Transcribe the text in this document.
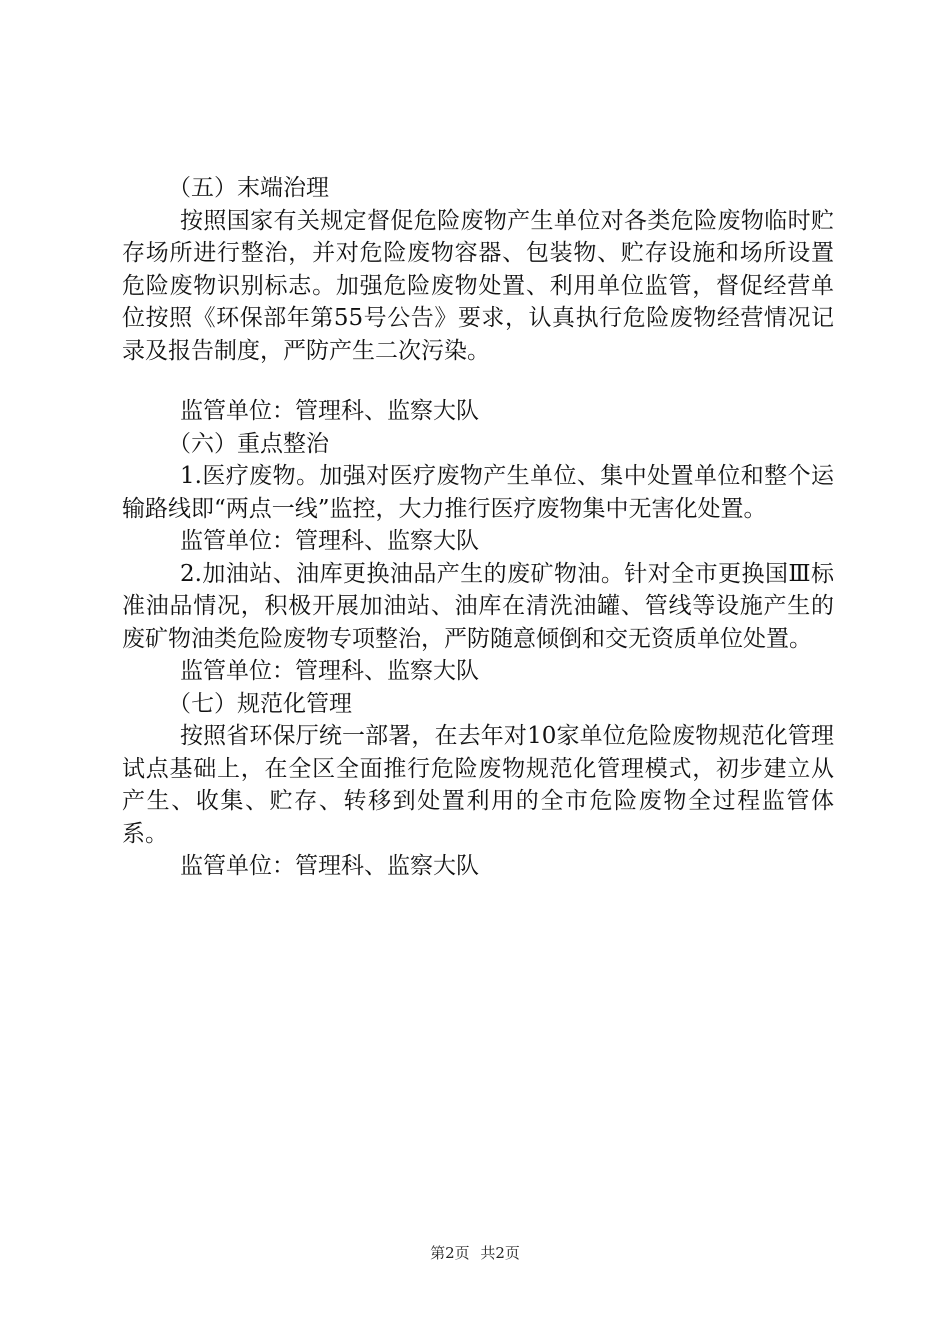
（五）末端治理

按照国家有关规定督促危险废物产生单位对各类危险废物临时贮存场所进行整治，并对危险废物容器、包装物、贮存设施和场所设置危险废物识别标志。加强危险废物处置、利用单位监管，督促经营单位按照《环保部年第55号公告》要求，认真执行危险废物经营情况记录及报告制度，严防产生二次污染。

监管单位：管理科、监察大队

（六）重点整治

1.医疗废物。加强对医疗废物产生单位、集中处置单位和整个运输路线即“两点一线”监控，大力推行医疗废物集中无害化处置。

监管单位：管理科、监察大队

2.加油站、油库更换油品产生的废矿物油。针对全市更换国Ⅲ标准油品情况，积极开展加油站、油库在清洗油罐、管线等设施产生的废矿物油类危险废物专项整治，严防随意倾倒和交无资质单位处置。

监管单位：管理科、监察大队

（七）规范化管理

按照省环保厅统一部署，在去年对10家单位危险废物规范化管理试点基础上，在全区全面推行危险废物规范化管理模式，初步建立从产生、收集、贮存、转移到处置利用的全市危险废物全过程监管体系。

监管单位：管理科、监察大队

第2页 共2页
